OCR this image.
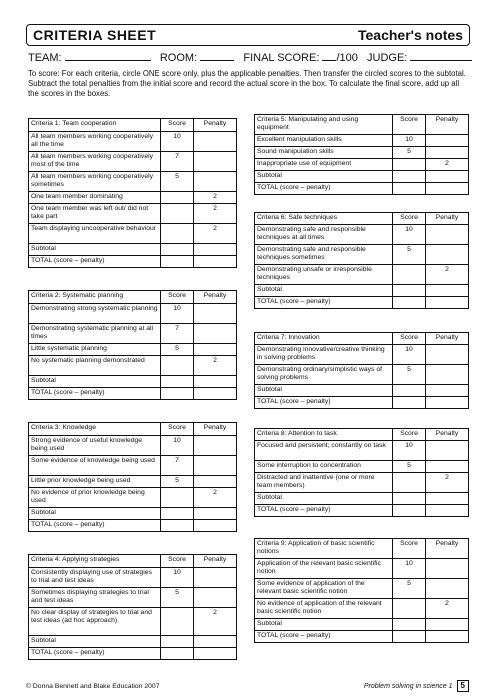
CRITERIA SHEET	Teacher's notes
TEAM:	ROOM:	FINAL SCORE: /100 JUDGE:
To score: For each criteria, circle ONE score only, plus the applicable penalties. Then transfer the circled scores to the subtotal. Subtract the total penalties from the initial score and record the actual score in the box. To calculate the final score, add up all the scores in the boxes.
Criteria 1: Team cooperation	Score	Penalty
All team members working cooperatively all the time	10	
All team members working cooperatively most of the time	7	
All team members working cooperatively sometimes	5	
One team member dominating		2
One team member was left out/ did not take part		2
Team displaying uncooperative behaviour		2
Subtotal		
TOTAL (score – penalty)		
Criteria 2: Systematic planning	Score	Penalty
Demonstrating strong systematic planning	10	
Demonstrating systematic planning at all times	7	
Little systematic planning	5	
No systematic planning demonstrated		2
Subtotal		
TOTAL (score – penalty)		
Criteria 3: Knowledge	Score	Penalty
Strong evidence of useful knowledge being used	10	
Some evidence of knowledge being used	7	
Little prior knowledge being used	5	
No evidence of prior knowledge being used		2
Subtotal		
TOTAL (score – penalty)		
Criteria 4: Applying strategies	Score	Penalty
Consistently displaying use of strategies to trial and test ideas	10	
Sometimes displaying strategies to trial and test ideas	5	
No clear display of strategies to trial and test ideas (ad hoc approach)		2
Subtotal		
TOTAL (score – penalty)		
Criteria 5: Manipulating and using equipment	Score	Penalty
Excellent manipulation skills	10	
Sound manipulation skills	5	
Inappropriate use of equipment		2
Subtotal		
TOTAL (score – penalty)		
Criteria 6: Safe techniques	Score	Penalty
Demonstrating safe and responsible techniques at all times	10	
Demonstrating safe and responsible techniques sometimes	5	
Demonstrating unsafe or irresponsible techniques		2
Subtotal		
TOTAL (score – penalty)		
Criteria 7: Innovation	Score	Penalty
Demonstrating innovative/creative thinking in solving problems	10	
Demonstrating ordinary/simplistic ways of solving problems	5	
Subtotal		
TOTAL (score – penalty)		
Criteria 8: Attention to task	Score	Penalty
Focused and persistent; constantly on task	10	
Some interruption to concentration	5	
Distracted and inattentive (one or more team members)		2
Subtotal		
TOTAL (score – penalty)		
Criteria 9: Application of basic scientific notions	Score	Penalty
Application of the relevant basic scientific notion	10	
Some evidence of application of the relevant basic scientific notion	5	
No evidence of application of the relevant basic scientific notion		2
Subtotal		
TOTAL (score – penalty)		
© Donna Bennett and Blake Education 2007	Problem solving in science 1	5
